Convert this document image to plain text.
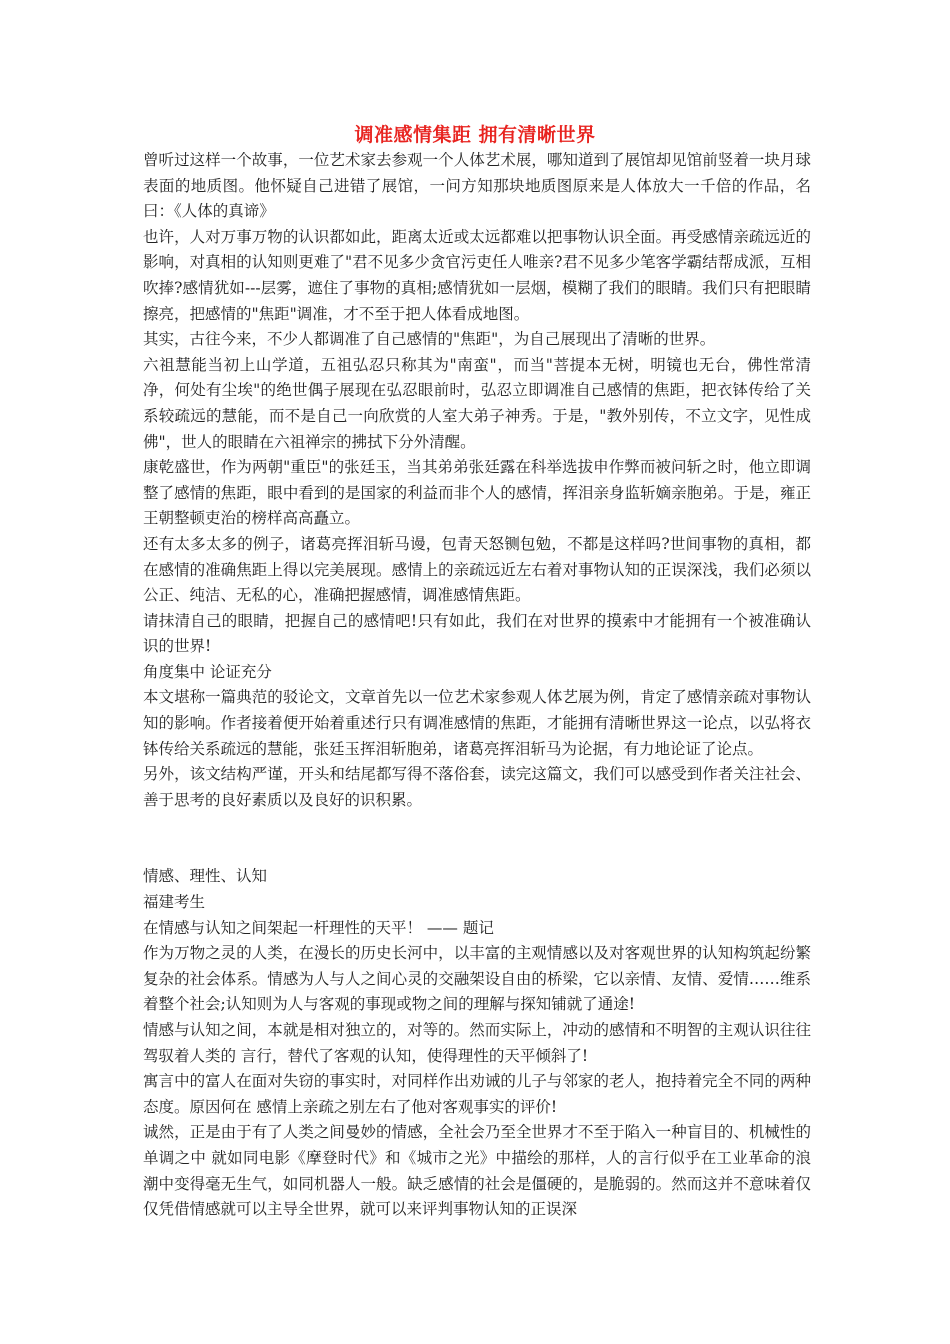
调准感情集距 拥有清晰世界

曾听过这样一个故事，一位艺术家去参观一个人体艺术展，哪知道到了展馆却见馆前竖着一块月球表面的地质图。他怀疑自己进错了展馆，一问方知那块地质图原来是人体放大一千倍的作品，名曰：《人体的真谛》

也许，人对万事万物的认识都如此，距离太近或太远都难以把事物认识全面。再受感情亲疏远近的影响，对真相的认知则更难了"君不见多少贪官污吏任人唯亲?君不见多少笔客学霸结帮成派，互相吹捧?感情犹如---层雾，遮住了事物的真相;感情犹如一层烟，模糊了我们的眼睛。我们只有把眼睛擦亮，把感情的"焦距"调准，才不至于把人体看成地图。

其实，古往今来，不少人都调准了自己感情的"焦距"，为自己展现出了清晰的世界。

六祖慧能当初上山学道，五祖弘忍只称其为"南蛮"，而当"菩提本无树，明镜也无台，佛性常清净，何处有尘埃"的绝世偶子展现在弘忍眼前时，弘忍立即调准自己感情的焦距，把衣钵传给了关系较疏远的慧能，而不是自己一向欣赏的人室大弟子神秀。于是，"教外别传，不立文字，见性成佛"，世人的眼睛在六祖禅宗的拂拭下分外清醒。

康乾盛世，作为两朝"重臣"的张廷玉，当其弟弟张廷露在科举选拔申作弊而被问斩之时，他立即调整了感情的焦距，眼中看到的是国家的利益而非个人的感情，挥泪亲身监斩嫡亲胞弟。于是，雍正王朝整顿吏治的榜样高高矗立。

还有太多太多的例子，诸葛亮挥泪斩马谩，包青天怒铡包勉，不都是这样吗?世间事物的真相，都在感情的准确焦距上得以完美展现。感情上的亲疏远近左右着对事物认知的正误深浅，我们必须以公正、纯洁、无私的心，准确把握感情，调准感情焦距。

请抹清自己的眼睛，把握自己的感情吧!只有如此，我们在对世界的摸索中才能拥有一个被准确认识的世界!

角度集中 论证充分

本文堪称一篇典范的驳论文，文章首先以一位艺术家参观人体艺展为例，肯定了感情亲疏对事物认知的影响。作者接着便开始着重述行只有调准感情的焦距，才能拥有清晰世界这一论点，以弘将衣钵传给关系疏远的慧能，张廷玉挥泪斩胞弟，诸葛亮挥泪斩马为论据，有力地论证了论点。

另外，该文结构严谨，开头和结尾都写得不落俗套，读完这篇文，我们可以感受到作者关注社会、善于思考的良好素质以及良好的识积累。

情感、理性、认知

福建考生

在情感与认知之间架起一杆理性的天平！ —— 题记

作为万物之灵的人类，在漫长的历史长河中，以丰富的主观情感以及对客观世界的认知构筑起纷繁复杂的社会体系。情感为人与人之间心灵的交融架设自由的桥梁，它以亲情、友情、爱情……维系着整个社会;认知则为人与客观的事现或物之间的理解与探知铺就了通途!

情感与认知之间，本就是相对独立的，对等的。然而实际上，冲动的感情和不明智的主观认识往往驾驭着人类的 言行，替代了客观的认知，使得理性的天平倾斜了!

寓言中的富人在面对失窃的事实时，对同样作出劝诫的儿子与邻家的老人，抱持着完全不同的两种态度。原因何在 感情上亲疏之别左右了他对客观事实的评价!

诚然，正是由于有了人类之间曼妙的情感，全社会乃至全世界才不至于陷入一种盲目的、机械性的单调之中 就如同电影《摩登时代》和《城市之光》中描绘的那样，人的言行似乎在工业革命的浪潮中变得毫无生气，如同机器人一般。缺乏感情的社会是僵硬的，是脆弱的。然而这并不意味着仅仅凭借情感就可以主导全世界，就可以来评判事物认知的正误深
